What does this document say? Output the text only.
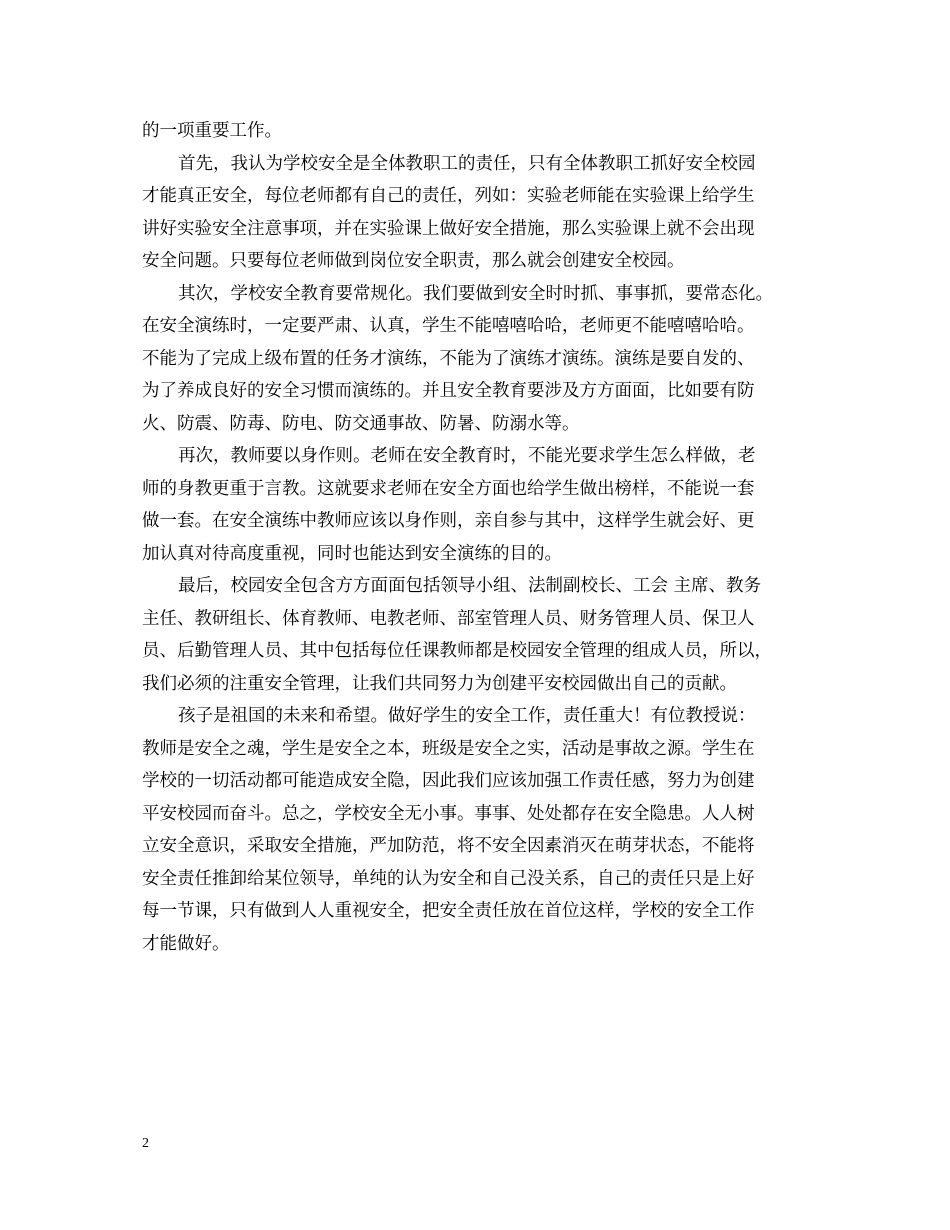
的一项重要工作。
首先，我认为学校安全是全体教职工的责任，只有全体教职工抓好安全校园
才能真正安全，每位老师都有自己的责任，列如：实验老师能在实验课上给学生
讲好实验安全注意事项，并在实验课上做好安全措施，那么实验课上就不会出现
安全问题。只要每位老师做到岗位安全职责，那么就会创建安全校园。
其次，学校安全教育要常规化。我们要做到安全时时抓、事事抓，要常态化。
在安全演练时，一定要严肃、认真，学生不能嘻嘻哈哈，老师更不能嘻嘻哈哈。
不能为了完成上级布置的任务才演练，不能为了演练才演练。演练是要自发的、
为了养成良好的安全习惯而演练的。并且安全教育要涉及方方面面，比如要有防
火、防震、防毒、防电、防交通事故、防暑、防溺水等。
再次，教师要以身作则。老师在安全教育时，不能光要求学生怎么样做，老
师的身教更重于言教。这就要求老师在安全方面也给学生做出榜样，不能说一套
做一套。在安全演练中教师应该以身作则，亲自参与其中，这样学生就会好、更
加认真对待高度重视，同时也能达到安全演练的目的。
最后，校园安全包含方方面面包括领导小组、法制副校长、工会 主席、教务
主任、教研组长、体育教师、电教老师、部室管理人员、财务管理人员、保卫人
员、后勤管理人员、其中包括每位任课教师都是校园安全管理的组成人员，所以，
我们必须的注重安全管理，让我们共同努力为创建平安校园做出自己的贡献。
孩子是祖国的未来和希望。做好学生的安全工作，责任重大！有位教授说：
教师是安全之魂，学生是安全之本，班级是安全之实，活动是事故之源。学生在
学校的一切活动都可能造成安全隐，因此我们应该加强工作责任感，努力为创建
平安校园而奋斗。总之，学校安全无小事。事事、处处都存在安全隐患。人人树
立安全意识，采取安全措施，严加防范，将不安全因素消灭在萌芽状态，不能将
安全责任推卸给某位领导，单纯的认为安全和自己没关系，自己的责任只是上好
每一节课，只有做到人人重视安全，把安全责任放在首位这样，学校的安全工作
才能做好。
2
